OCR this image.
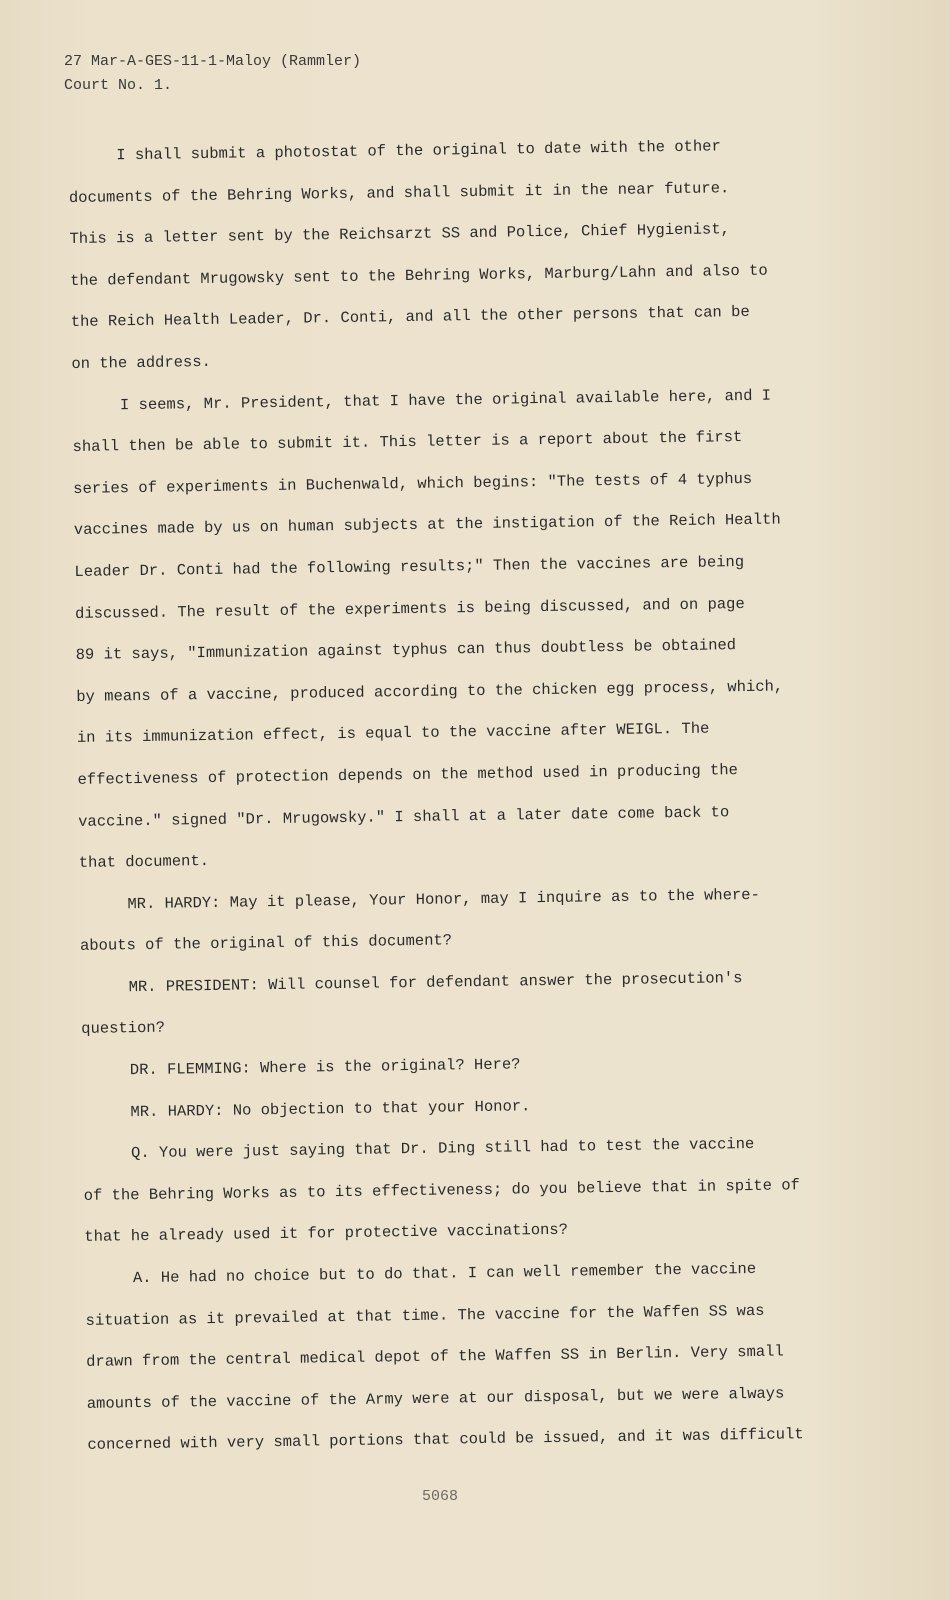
27 Mar-A-GES-11-1-Maloy (Rammler)
Court No. 1.
I shall submit a photostat of the original to date with the other
documents of the Behring Works, and shall submit it in the near future.
This is a letter sent by the Reichsarzt SS and Police, Chief Hygienist,
the defendant Mrugowsky sent to the Behring Works, Marburg/Lahn and also to
the Reich Health Leader, Dr. Conti, and all the other persons that can be
on the address.
I seems, Mr. President, that I have the original available here, and I
shall then be able to submit it. This letter is a report about the first
series of experiments in Buchenwald, which begins: "The tests of 4 typhus
vaccines made by us on human subjects at the instigation of the Reich Health
Leader Dr. Conti had the following results;" Then the vaccines are being
discussed. The result of the experiments is being discussed, and on page
89 it says, "Immunization against typhus can thus doubtless be obtained
by means of a vaccine, produced according to the chicken egg process, which,
in its immunization effect, is equal to the vaccine after WEIGL. The
effectiveness of protection depends on the method used in producing the
vaccine." signed "Dr. Mrugowsky." I shall at a later date come back to
that document.
MR. HARDY: May it please, Your Honor, may I inquire as to the where-
abouts of the original of this document?
MR. PRESIDENT: Will counsel for defendant answer the prosecution's
question?
DR. FLEMMING: Where is the original? Here?
MR. HARDY: No objection to that your Honor.
Q. You were just saying that Dr. Ding still had to test the vaccine
of the Behring Works as to its effectiveness; do you believe that in spite of
that he already used it for protective vaccinations?
A. He had no choice but to do that. I can well remember the vaccine
situation as it prevailed at that time. The vaccine for the Waffen SS was
drawn from the central medical depot of the Waffen SS in Berlin. Very small
amounts of the vaccine of the Army were at our disposal, but we were always
concerned with very small portions that could be issued, and it was difficult
5068
